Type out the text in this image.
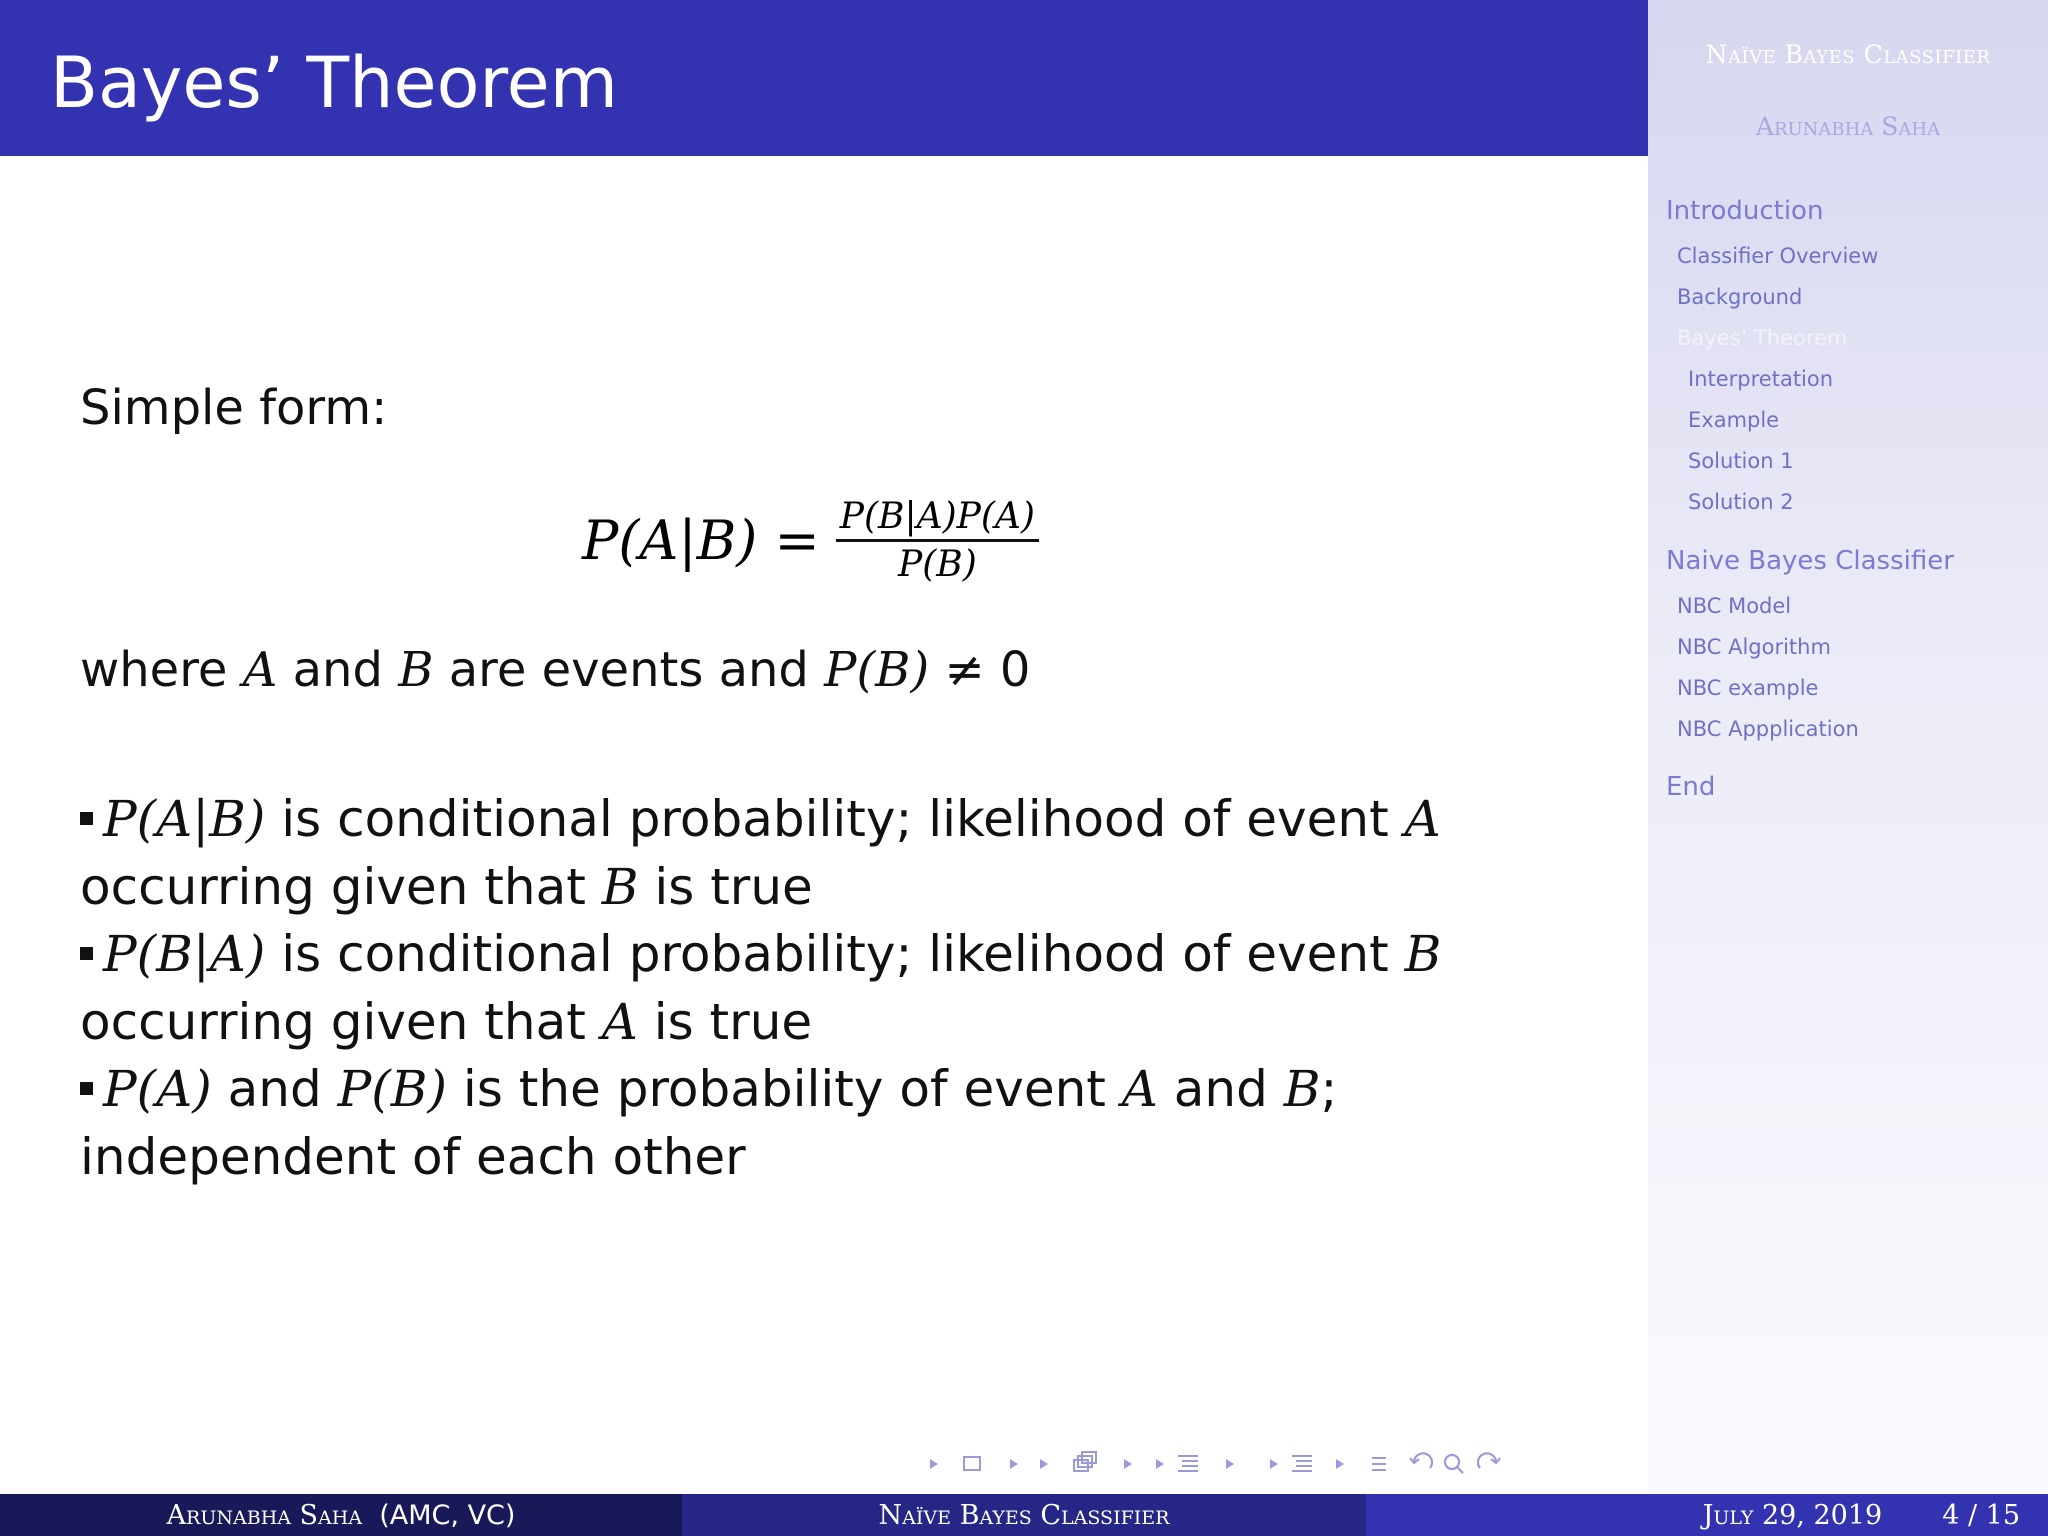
Bayes’ Theorem	Naïve Bayes Classifier
Arunabha Saha
Introduction
Classifier Overview
Background
Bayes’ Theorem
Interpretation
Example
Solution 1
Solution 2
Naive Bayes Classifier
NBC Model
NBC Algorithm
NBC example
NBC Appplication
End
Simple form:
$P(A|B) = \frac{P(B|A)P(A)}{P(B)}$
where A and B are events and P(B) ≠ 0
P(A|B) is conditional probability; likelihood of event A
occurring given that B is true
P(B|A) is conditional probability; likelihood of event B
occurring given that A is true
P(A) and P(B) is the probability of event A and B;
independent of each other
Arunabha Saha
(AMC, VC)	Naïve Bayes Classifier	July 29, 2019 4 / 15
